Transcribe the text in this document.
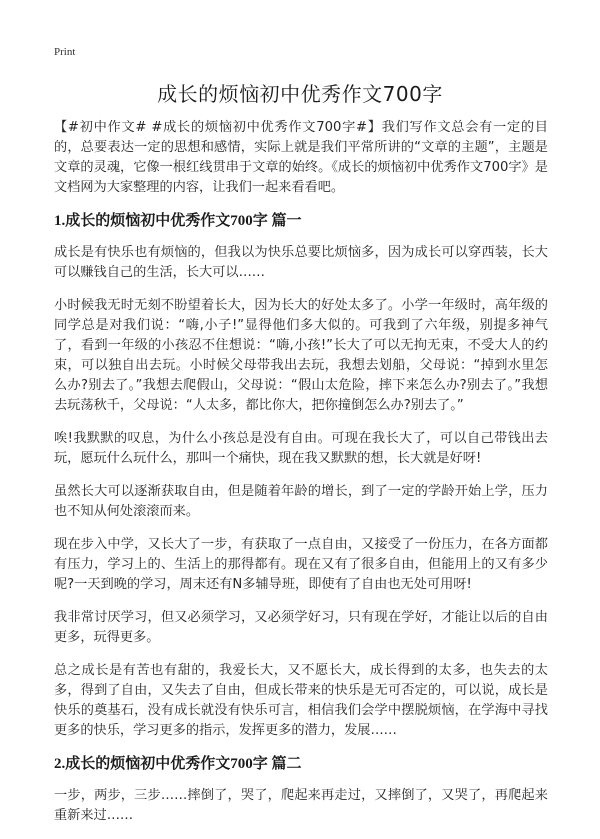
Print
成长的烦恼初中优秀作文700字

【#初中作文# #成长的烦恼初中优秀作文700字#】我们写作文总会有一定的目的，总要表达一定的思想和感情，实际上就是我们平常所讲的“文章的主题”，主题是文章的灵魂，它像一根红线贯串于文章的始终。《成长的烦恼初中优秀作文700字》是文档网为大家整理的内容，让我们一起来看看吧。

1.成长的烦恼初中优秀作文700字 篇一

成长是有快乐也有烦恼的，但我以为快乐总要比烦恼多，因为成长可以穿西装，长大可以赚钱自己的生活，长大可以……

小时候我无时无刻不盼望着长大，因为长大的好处太多了。小学一年级时，高年级的同学总是对我们说：“嗨,小子!”显得他们多大似的。可我到了六年级，别提多神气了，看到一年级的小孩忍不住想说：“嗨,小孩!”长大了可以无拘无束，不受大人的约束，可以独自出去玩。小时候父母带我出去玩，我想去划船，父母说：“掉到水里怎么办?别去了。”我想去爬假山，父母说：“假山太危险，摔下来怎么办?别去了。”我想去玩荡秋千，父母说：“人太多，都比你大，把你撞倒怎么办?别去了。”

唉!我默默的叹息，为什么小孩总是没有自由。可现在我长大了，可以自己带钱出去玩，愿玩什么玩什么，那叫一个痛快，现在我又默默的想，长大就是好呀!

虽然长大可以逐渐获取自由，但是随着年龄的增长，到了一定的学龄开始上学，压力也不知从何处滚滚而来。

现在步入中学，又长大了一步，有获取了一点自由，又接受了一份压力，在各方面都有压力，学习上的、生活上的那得都有。现在又有了很多自由，但能用上的又有多少呢?一天到晚的学习，周末还有N多辅导班，即使有了自由也无处可用呀!

我非常讨厌学习，但又必须学习，又必须学好习，只有现在学好，才能让以后的自由更多，玩得更多。

总之成长是有苦也有甜的，我爱长大，又不愿长大，成长得到的太多，也失去的太多，得到了自由，又失去了自由，但成长带来的快乐是无可否定的，可以说，成长是快乐的奠基石，没有成长就没有快乐可言，相信我们会学中摆脱烦恼，在学海中寻找更多的快乐，学习更多的指示，发挥更多的潜力，发展……

2.成长的烦恼初中优秀作文700字 篇二

一步，两步，三步……摔倒了，哭了，爬起来再走过，又摔倒了，又哭了，再爬起来重新来过……
